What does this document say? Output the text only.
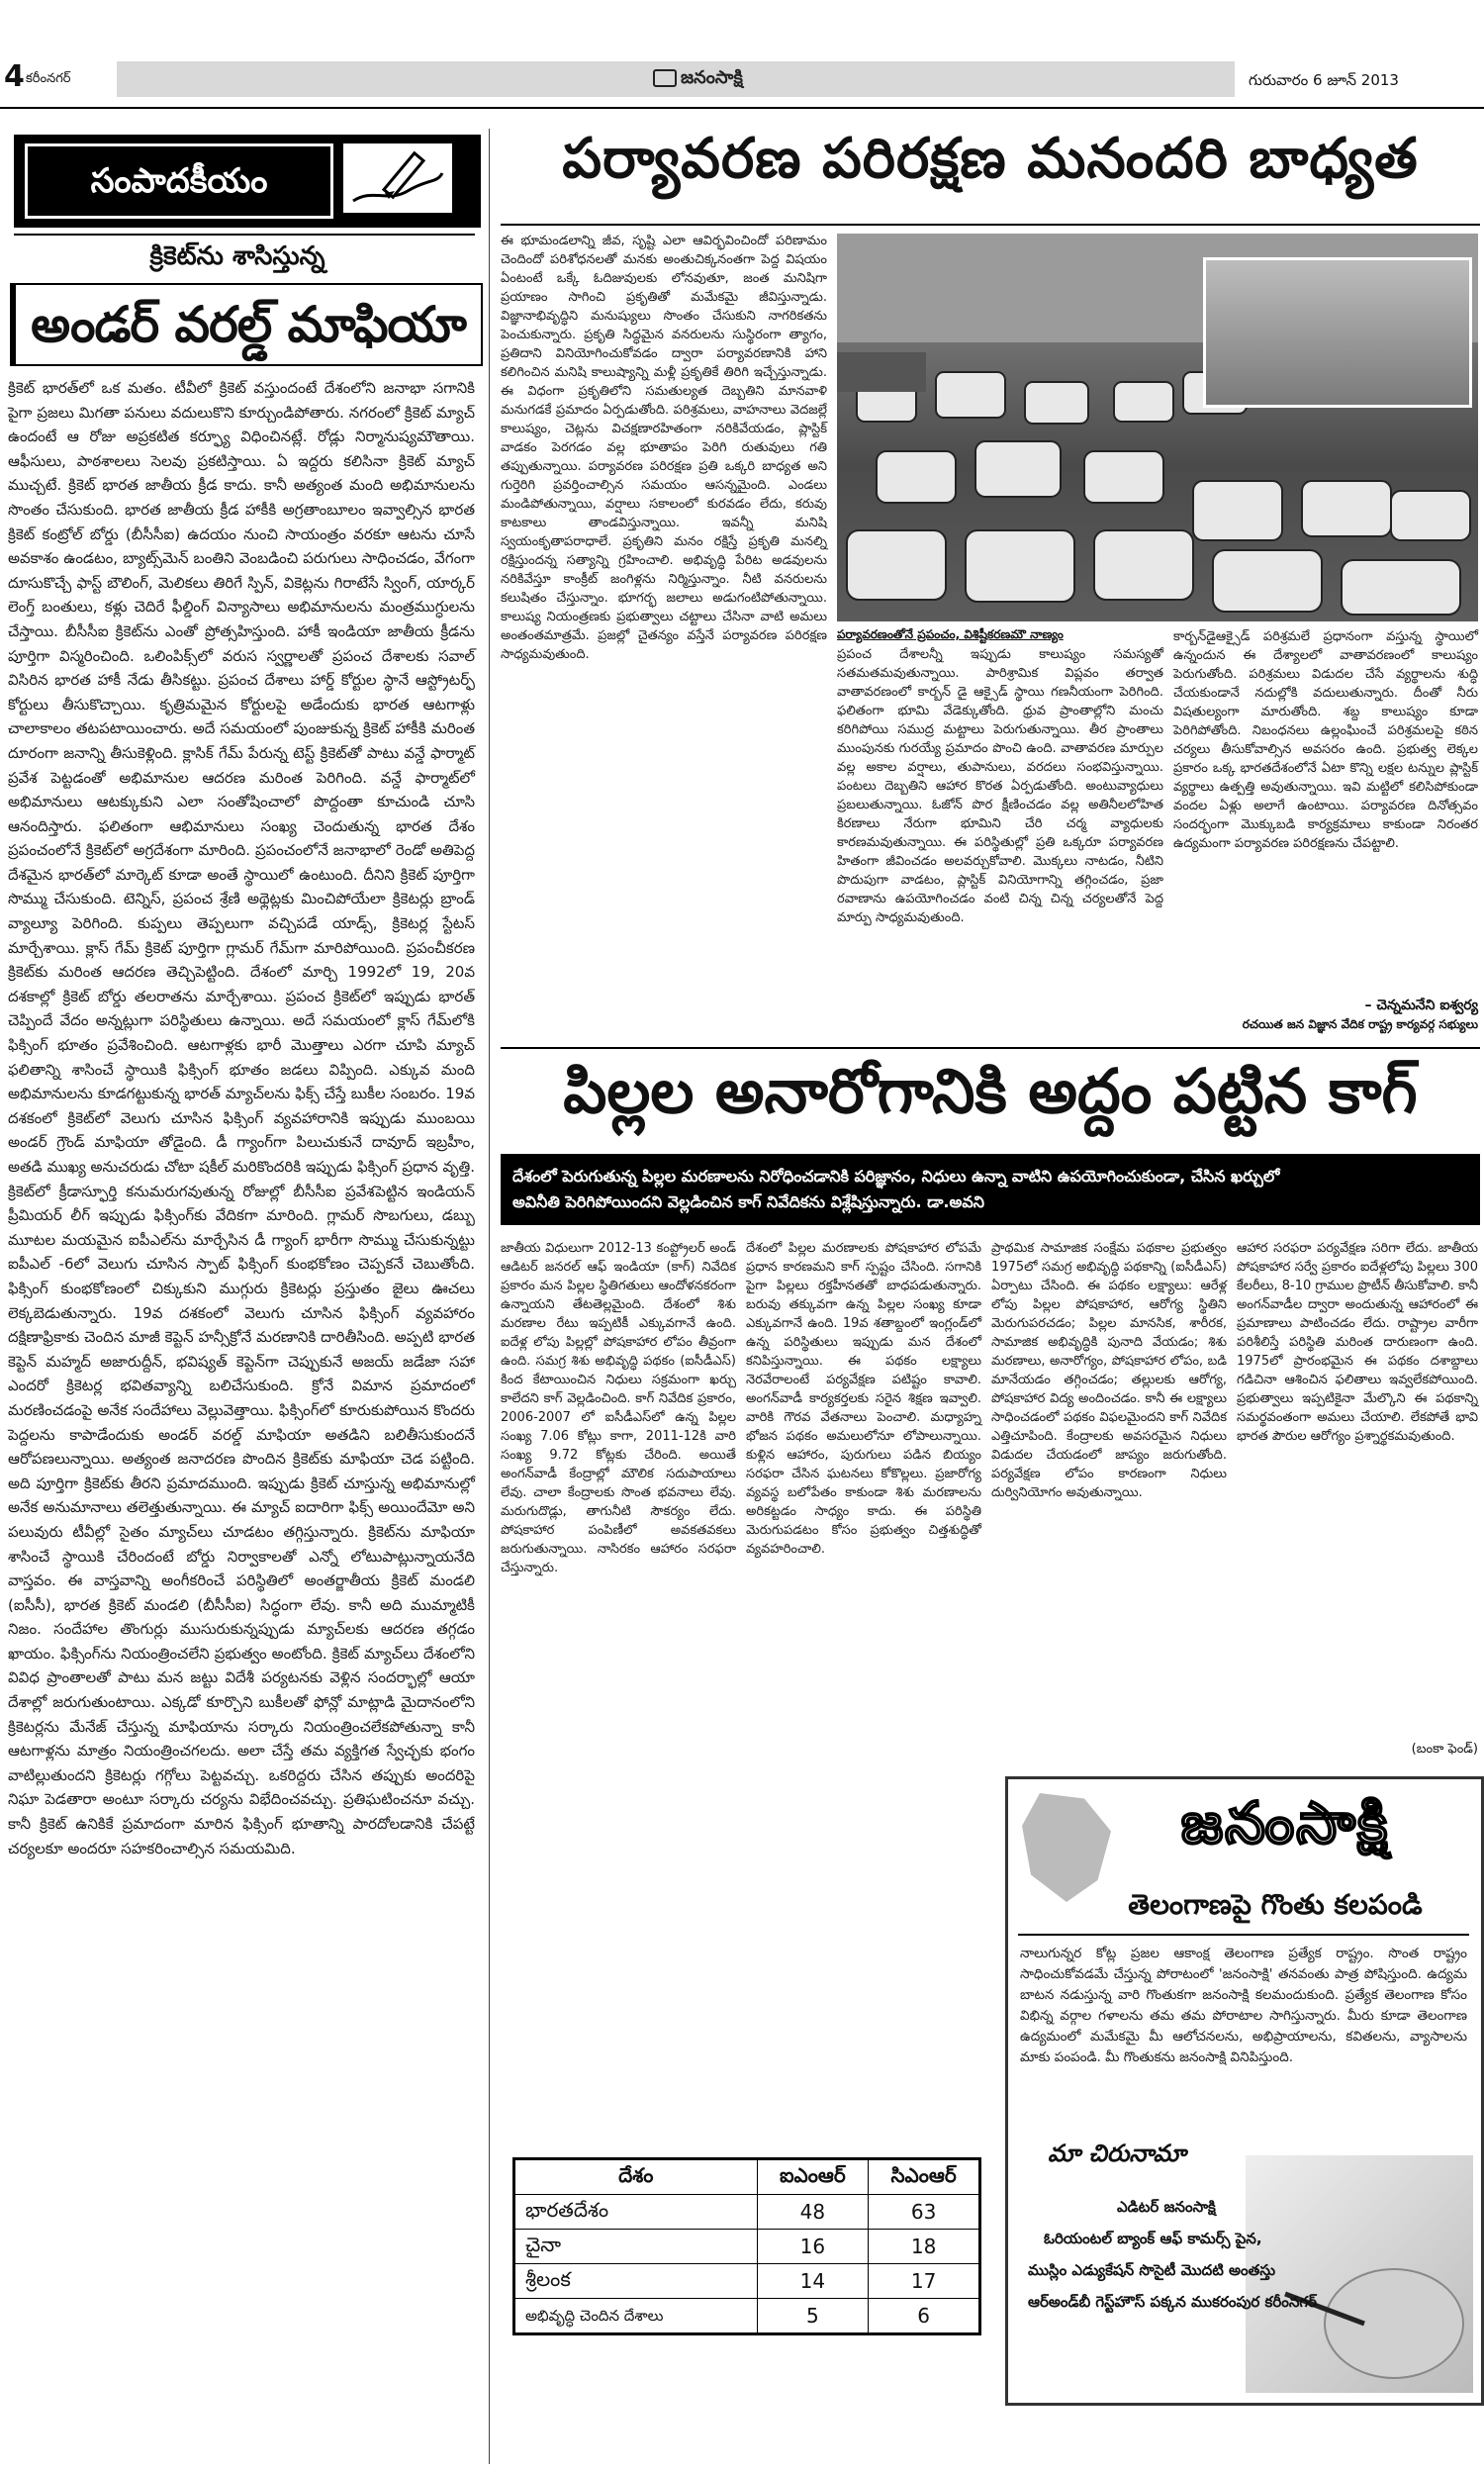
4 కరీంనగర్	జనంసాక్షి	గురువారం 6 జూన్ 2013
సంపాదకీయం
క్రికెట్‌ను శాసిస్తున్న
అండర్ వరల్డ్ మాఫియా
క్రికెట్ భారత్‌లో ఒక మతం. టీవీలో క్రికెట్ వస్తుందంటే దేశంలోని జనాభా సగానికి పైగా ప్రజలు మిగతా పనులు వదులుకొని కూర్చుండిపోతారు. నగరంలో క్రికెట్ మ్యాచ్ ఉందంటే ఆ రోజు అప్రకటిత కర్ఫ్యూ విధించినట్లే. రోడ్లు నిర్మానుష్యమౌతాయి. ఆఫీసులు, పాఠశాలలు సెలవు ప్రకటిస్తాయి. ఏ ఇద్దరు కలిసినా క్రికెట్ మ్యాచ్ ముచ్చటే. క్రికెట్ భారత జాతీయ క్రీడ కాదు. కానీ అత్యంత మంది అభిమానులను సొంతం చేసుకుంది. భారత జాతీయ క్రీడ హాకీకి అగ్రతాంబూలం ఇవ్వాల్సిన భారత క్రికెట్ కంట్రోల్ బోర్డు (బీసీసీఐ) ఉదయం నుంచి సాయంత్రం వరకూ ఆటను చూసే అవకాశం ఉండటం, బ్యాట్స్‌మెన్ బంతిని వెంబడించి పరుగులు సాధించడం, వేగంగా దూసుకొచ్చే ఫాస్ట్ బౌలింగ్, మెలికలు తిరిగే స్పిన్, వికెట్లను గిరాటేసే స్వింగ్, యార్కర్ లెంగ్త్ బంతులు, కళ్లు చెదిరే ఫీల్డింగ్ విన్యాసాలు అభిమానులను మంత్రముగ్ధులను చేస్తాయి. బీసీసీఐ క్రికెట్‌ను ఎంతో ప్రోత్సహిస్తుంది. హాకీ ఇండియా జాతీయ క్రీడను పూర్తిగా విస్మరించింది. ఒలింపిక్స్‌లో వరుస స్వర్ణాలతో ప్రపంచ దేశాలకు సవాల్ విసిరిన భారత హాకీ నేడు తీసికట్టు. ప్రపంచ దేశాలు హార్డ్ కోర్టుల స్థానే ఆస్ట్రోటర్ఫ్ కోర్టులు తీసుకొచ్చాయి. కృత్రిమమైన కోర్టులపై అడేందుకు భారత ఆటగాళ్లు చాలాకాలం తటపటాయించారు. అదే సమయంలో పుంజుకున్న క్రికెట్ హాకీకి మరింత దూరంగా జనాన్ని తీసుకెళ్లింది. క్లాసిక్ గేమ్ పేరున్న టెస్ట్ క్రికెట్‌తో పాటు వన్డే ఫార్మాట్ ప్రవేశ పెట్టడంతో అభిమానుల ఆదరణ మరింత పెరిగింది. వన్డే ఫార్మాట్‌లో అభిమానులు ఆటక్కుకుని ఎలా సంతోషించాలో పొద్దంతా కూచుండి చూసి ఆనందిస్తారు. ఫలితంగా ఆభిమానులు సంఖ్య చెందుతున్న భారత దేశం ప్రపంచంలోనే క్రికెట్‌లో అగ్రదేశంగా మారింది. ప్రపంచంలోనే జనాభాలో రెండో అతిపెద్ద దేశమైన భారత్‌లో మార్కెట్ కూడా అంతే స్థాయిలో ఉంటుంది. దీనిని క్రికెట్ పూర్తిగా సొమ్ము చేసుకుంది. టెన్నిస్, ప్రపంచ శ్రేణి అథ్లెట్లకు మించిపోయేలా క్రికెటర్లు బ్రాండ్ వ్యాల్యూ పెరిగింది. కుప్పలు తెప్పలుగా వచ్చిపడే యాడ్స్, క్రికెటర్ల స్టేటస్ మార్చేశాయి. క్లాస్ గేమ్ క్రికెట్ పూర్తిగా గ్లామర్ గేమ్‌గా మారిపోయింది. ప్రపంచీకరణ క్రికెట్‌కు మరింత ఆదరణ తెచ్చిపెట్టింది. దేశంలో మార్చి 1992లో 19, 20వ దశకాల్లో క్రికెట్ బోర్డు తలరాతను మార్చేశాయి. ప్రపంచ క్రికెట్‌లో ఇప్పుడు భారత్ చెప్పిందే వేదం అన్నట్లుగా పరిస్థితులు ఉన్నాయి. అదే సమయంలో క్లాస్ గేమ్‌లోకి ఫిక్సింగ్ భూతం ప్రవేశించింది. ఆటగాళ్లకు భారీ మొత్తాలు ఎరగా చూపి మ్యాచ్‌ ఫలితాన్ని శాసించే స్థాయికి ఫిక్సింగ్ భూతం జడలు విప్పింది. ఎక్కువ మంది అభిమానులను కూడగట్టుకున్న భారత్ మ్యాచ్‌లను ఫిక్స్ చేస్తే బుకీల సంబరం. 19వ దశకంలో క్రికెట్‌లో వెలుగు చూసిన ఫిక్సింగ్ వ్యవహారానికి ఇప్పుడు ముంబయి అండర్ గ్రౌండ్ మాఫియా తోడైంది. డీ గ్యాంగ్‌గా పిలుచుకునే దావూద్ ఇబ్రహీం, అతడి ముఖ్య అనుచరుడు చోటా షకీల్ మరికొందరికి ఇప్పుడు ఫిక్సింగ్ ప్రధాన వృత్తి. క్రికెట్‌లో క్రీడాస్ఫూర్తి కనుమరుగవుతున్న రోజుల్లో బీసీసీఐ ప్రవేశపెట్టిన ఇండియన్ ప్రీమియర్ లీగ్ ఇప్పుడు ఫిక్సింగ్‌కు వేదికగా మారింది. గ్లామర్ సొబగులు, డబ్బు మూటల మయమైన ఐపీఎల్‌ను మార్చేసిన డీ గ్యాంగ్ భారీగా సొమ్ము చేసుకున్నట్టు ఐపీఎల్ -6లో వెలుగు చూసిన స్పాట్ ఫిక్సింగ్ కుంభకోణం చెప్పకనే చెబుతోంది. ఫిక్సింగ్ కుంభకోణంలో చిక్కుకుని ముగ్గురు క్రికెటర్లు ప్రస్తుతం జైలు ఊచలు లెక్కబెడుతున్నారు. 19వ దశకంలో వెలుగు చూసిన ఫిక్సింగ్ వ్యవహారం దక్షిణాఫ్రికాకు చెందిన మాజీ కెప్టెన్ హన్సీక్రోనే మరణానికి దారితీసింది. అప్పటి భారత కెప్టెన్ మహ్మద్ అజారుద్దీన్, భవిష్యత్ కెప్టెన్‌గా చెప్పుకునే అజయ్ జడేజా సహా ఎందరో క్రికెటర్ల భవితవ్యాన్ని బలిచేసుకుంది. క్రోనే విమాన ప్రమాదంలో మరణించడంపై అనేక సందేహాలు వెల్లువెత్తాయి. ఫిక్సింగ్‌లో కూరుకుపోయిన కొందరు పెద్దలను కాపాడేందుకు అండర్ వరల్డ్ మాఫియా అతడిని బలితీసుకుందనే ఆరోపణలున్నాయి. అత్యంత జనాదరణ పొందిన క్రికెట్‌కు మాఫియా చెడ పట్టింది. అది పూర్తిగా క్రికెట్‌కు తీరని ప్రమాదముంది. ఇప్పుడు క్రికెట్ చూస్తున్న అభిమానుల్లో అనేక అనుమానాలు తలెత్తుతున్నాయి. ఈ మ్యాచ్ ఐదారిగా ఫిక్స్ అయిందేమో అని పలువురు టీవీల్లో సైతం మ్యాచ్‌లు చూడటం తగ్గిస్తున్నారు. క్రికెట్‌ను మాఫియా శాసించే స్థాయికి చేరిందంటే బోర్డు నిర్వాకాలతో ఎన్నో లోటుపాట్లున్నాయనేది వాస్తవం. ఈ వాస్తవాన్ని అంగీకరించే పరిస్థితిలో అంతర్జాతీయ క్రికెట్ మండలి (ఐసీసీ), భారత క్రికెట్ మండలి (బీసీసీఐ) సిద్ధంగా లేవు. కానీ అది ముమ్మాటికీ నిజం. సందేహాల తొంగుర్లు ముసురుకున్నప్పుడు మ్యాచ్‌లకు ఆదరణ తగ్గడం ఖాయం. ఫిక్సింగ్‌ను నియంత్రించలేని ప్రభుత్వం అంటోంది. క్రికెట్ మ్యాచ్‌లు దేశంలోని వివిధ ప్రాంతాలతో పాటు మన జట్టు విదేశీ పర్యటనకు వెళ్లిన సందర్భాల్లో ఆయా దేశాల్లో జరుగుతుంటాయి. ఎక్కడో కూర్చొని బుకీలతో ఫోన్లో మాట్లాడి మైదానంలోని క్రికెటర్లను మేనేజ్ చేస్తున్న మాఫియాను సర్కారు నియంత్రించలేకపోతున్నా కానీ ఆటగాళ్లను మాత్రం నియంత్రించగలదు. అలా చేస్తే తమ వ్యక్తిగత స్వేచ్ఛకు భంగం వాటిల్లుతుందని క్రికెటర్లు గగ్గోలు పెట్టవచ్చు. ఒకరిద్దరు చేసిన తప్పుకు అందరిపై నిఘా పెడతారా అంటూ సర్కారు చర్యను విభేదించవచ్చు. ప్రతిఘటించనూ వచ్చు. కానీ క్రికెట్ ఉనికికే ప్రమాదంగా మారిన ఫిక్సింగ్ భూతాన్ని పారదోలడానికి చేపట్టే చర్యలకూ అందరూ సహకరించాల్సిన సమయమిది.
పర్యావరణ పరిరక్షణ మనందరి బాధ్యత
ఈ భూమండలాన్ని జీవ, సృష్టి ఎలా ఆవిర్భవించిందో పరిణామం చెందిందో పరిశోధనలతో మనకు అంతుచిక్కనంతగా పెద్ద విషయం ఏంటంటే ఒక్కే ఓదిజువులకు లోనవుతూ, జంత మనిషిగా ప్రయాణం సాగించి ప్రకృతితో మమేకమై జీవిస్తున్నాడు. విజ్ఞానాభివృద్ధిని మనుష్యులు సొంతం చేసుకుని నాగరికతను పెంచుకున్నారు. ప్రకృతి సిద్ధమైన వనరులను సుస్థిరంగా త్యాగం, ప్రతిదాని వినియోగించుకోవడం ద్వారా పర్యావరణానికి హాని కలిగించిన మనిషి కాలుష్యాన్ని మళ్లీ ప్రకృతికే తిరిగి ఇచ్చేస్తున్నాడు. ఈ విధంగా ప్రకృతిలోని సమతుల్యత దెబ్బతిని మానవాళి మనుగడకే ప్రమాదం ఏర్పడుతోంది. పరిశ్రమలు, వాహనాలు వెదజల్లే కాలుష్యం, చెట్లను విచక్షణారహితంగా నరికివేయడం, ప్లాస్టిక్ వాడకం పెరగడం వల్ల భూతాపం పెరిగి రుతువులు గతి తప్పుతున్నాయి. పర్యావరణ పరిరక్షణ ప్రతి ఒక్కరి బాధ్యత అని గుర్తెరిగి ప్రవర్తించాల్సిన సమయం ఆసన్నమైంది. ఎండలు మండిపోతున్నాయి, వర్షాలు సకాలంలో కురవడం లేదు, కరువు కాటకాలు తాండవిస్తున్నాయి. ఇవన్నీ మనిషి స్వయంకృతాపరాధాలే. ప్రకృతిని మనం రక్షిస్తే ప్రకృతి మనల్ని రక్షిస్తుందన్న సత్యాన్ని గ్రహించాలి. అభివృద్ధి పేరిట అడవులను నరికివేస్తూ కాంక్రీట్ జంగిళ్లను నిర్మిస్తున్నాం. నీటి వనరులను కలుషితం చేస్తున్నాం. భూగర్భ జలాలు అడుగంటిపోతున్నాయి. కాలుష్య నియంత్రణకు ప్రభుత్వాలు చట్టాలు చేసినా వాటి అమలు అంతంతమాత్రమే. ప్రజల్లో చైతన్యం వస్తేనే పర్యావరణ పరిరక్షణ సాధ్యమవుతుంది.
పర్యావరణంతోనే ప్రపంచం, విశిష్టీకరణమౌ నాణ్యం
ప్రపంచ దేశాలన్నీ ఇప్పుడు కాలుష్యం సమస్యతో సతమతమవుతున్నాయి. పారిశ్రామిక విప్లవం తర్వాత వాతావరణంలో కార్బన్ డై ఆక్సైడ్ స్థాయి గణనీయంగా పెరిగింది. ఫలితంగా భూమి వేడెక్కుతోంది. ధ్రువ ప్రాంతాల్లోని మంచు కరిగిపోయి సముద్ర మట్టాలు పెరుగుతున్నాయి. తీర ప్రాంతాలు ముంపునకు గురయ్యే ప్రమాదం పొంచి ఉంది. వాతావరణ మార్పుల వల్ల అకాల వర్షాలు, తుపానులు, వరదలు సంభవిస్తున్నాయి. పంటలు దెబ్బతిని ఆహార కొరత ఏర్పడుతోంది. అంటువ్యాధులు ప్రబలుతున్నాయి. ఓజోన్ పొర క్షీణించడం వల్ల అతినీలలోహిత కిరణాలు నేరుగా భూమిని చేరి చర్మ వ్యాధులకు కారణమవుతున్నాయి. ఈ పరిస్థితుల్లో ప్రతి ఒక్కరూ పర్యావరణ హితంగా జీవించడం అలవర్చుకోవాలి. మొక్కలు నాటడం, నీటిని పొదుపుగా వాడటం, ప్లాస్టిక్ వినియోగాన్ని తగ్గించడం, ప్రజా రవాణాను ఉపయోగించడం వంటి చిన్న చిన్న చర్యలతోనే పెద్ద మార్పు సాధ్యమవుతుంది.
కార్బన్‌డైఆక్సైడ్ పరిశ్రమలే ప్రధానంగా వస్తున్న స్థాయిలో ఉన్నందున ఈ దేశ్యాలలో వాతావరణంలో కాలుష్యం పెరుగుతోంది. పరిశ్రమలు విడుదల చేసే వ్యర్థాలను శుద్ధి చేయకుండానే నదుల్లోకి వదులుతున్నారు. దీంతో నీరు విషతుల్యంగా మారుతోంది. శబ్ద కాలుష్యం కూడా పెరిగిపోతోంది. నిబంధనలు ఉల్లంఘించే పరిశ్రమలపై కఠిన చర్యలు తీసుకోవాల్సిన అవసరం ఉంది. ప్రభుత్వ లెక్కల ప్రకారం ఒక్క భారతదేశంలోనే ఏటా కొన్ని లక్షల టన్నుల ప్లాస్టిక్ వ్యర్థాలు ఉత్పత్తి అవుతున్నాయి. ఇవి మట్టిలో కలిసిపోకుండా వందల ఏళ్లు అలాగే ఉంటాయి. పర్యావరణ దినోత్సవం సందర్భంగా మొక్కుబడి కార్యక్రమాలు కాకుండా నిరంతర ఉద్యమంగా పర్యావరణ పరిరక్షణను చేపట్టాలి.
– చెన్నమనేని ఐశ్వర్య
రచయిత జన విజ్ఞాన వేదిక రాష్ట్ర కార్యవర్గ సభ్యులు
పిల్లల అనారోగానికి అద్దం పట్టిన కాగ్
దేశంలో పెరుగుతున్న పిల్లల మరణాలను నిరోధించడానికి పరిజ్ఞానం, నిధులు ఉన్నా వాటిని ఉపయోగించుకుండా, చేసిన ఖర్చులో
అవినీతి పెరిగిపోయిందని వెల్లడించిన కాగ్ నివేదికను విశ్లేషిస్తున్నారు. డా.అవని
జాతీయ విధులుగా 2012-13 కంప్ట్రోలర్ అండ్ ఆడిటర్ జనరల్ ఆఫ్ ఇండియా (కాగ్) నివేదిక ప్రకారం మన పిల్లల స్థితిగతులు ఆందోళనకరంగా ఉన్నాయని తేటతెల్లమైంది. దేశంలో శిశు మరణాల రేటు ఇప్పటికీ ఎక్కువగానే ఉంది. ఐదేళ్ల లోపు పిల్లల్లో పోషకాహార లోపం తీవ్రంగా ఉంది. సమగ్ర శిశు అభివృద్ధి పథకం (ఐసీడీఎస్) కింద కేటాయించిన నిధులు సక్రమంగా ఖర్చు కాలేదని కాగ్ వెల్లడించింది. కాగ్ నివేదిక ప్రకారం, 2006-2007 లో ఐసీడీఎస్‌లో ఉన్న పిల్లల సంఖ్య 7.06 కోట్లు కాగా, 2011-12కి వారి సంఖ్య 9.72 కోట్లకు చేరింది. అయితే అంగన్‌వాడీ కేంద్రాల్లో మౌలిక సదుపాయాలు లేవు. చాలా కేంద్రాలకు సొంత భవనాలు లేవు. మరుగుదొడ్లు, తాగునీటి సౌకర్యం లేదు. పోషకాహార పంపిణీలో అవకతవకలు జరుగుతున్నాయి. నాసిరకం ఆహారం సరఫరా చేస్తున్నారు.
దేశంలో పిల్లల మరణాలకు పోషకాహార లోపమే ప్రధాన కారణమని కాగ్ స్పష్టం చేసింది. సగానికి పైగా పిల్లలు రక్తహీనతతో బాధపడుతున్నారు. బరువు తక్కువగా ఉన్న పిల్లల సంఖ్య కూడా ఎక్కువగానే ఉంది. 19వ శతాబ్దంలో ఇంగ్లండ్‌లో ఉన్న పరిస్థితులు ఇప్పుడు మన దేశంలో కనిపిస్తున్నాయి. ఈ పథకం లక్ష్యాలు నెరవేరాలంటే పర్యవేక్షణ పటిష్టం కావాలి. అంగన్‌వాడీ కార్యకర్తలకు సరైన శిక్షణ ఇవ్వాలి. వారికి గౌరవ వేతనాలు పెంచాలి. మధ్యాహ్న భోజన పథకం అమలులోనూ లోపాలున్నాయి. కుళ్లిన ఆహారం, పురుగులు పడిన బియ్యం సరఫరా చేసిన ఘటనలు కోకొల్లలు. ప్రజారోగ్య వ్యవస్థ బలోపేతం కాకుండా శిశు మరణాలను అరికట్టడం సాధ్యం కాదు. ఈ పరిస్థితి మెరుగుపడటం కోసం ప్రభుత్వం చిత్తశుద్ధితో వ్యవహరించాలి.
ప్రాథమిక సామాజిక సంక్షేమ పథకాల ప్రభుత్వం 1975లో సమగ్ర అభివృద్ధి పథకాన్ని (ఐసీడీఎస్) ఏర్పాటు చేసింది. ఈ పథకం లక్ష్యాలు: ఆరేళ్ల లోపు పిల్లల పోషకాహార, ఆరోగ్య స్థితిని మెరుగుపరచడం; పిల్లల మానసిక, శారీరక, సామాజిక అభివృద్ధికి పునాది వేయడం; శిశు మరణాలు, అనారోగ్యం, పోషకాహార లోపం, బడి మానేయడం తగ్గించడం; తల్లులకు ఆరోగ్య, పోషకాహార విద్య అందించడం. కానీ ఈ లక్ష్యాలు సాధించడంలో పథకం విఫలమైందని కాగ్ నివేదిక ఎత్తిచూపింది. కేంద్రాలకు అవసరమైన నిధులు విడుదల చేయడంలో జాప్యం జరుగుతోంది. పర్యవేక్షణ లోపం కారణంగా నిధులు దుర్వినియోగం అవుతున్నాయి.
ఆహార సరఫరా పర్యవేక్షణ సరిగా లేదు. జాతీయ పోషకాహార సర్వే ప్రకారం ఐదేళ్లలోపు పిల్లలు 300 కేలరీలు, 8-10 గ్రాముల ప్రొటీన్ తీసుకోవాలి. కానీ అంగన్‌వాడీల ద్వారా అందుతున్న ఆహారంలో ఈ ప్రమాణాలు పాటించడం లేదు. రాష్ట్రాల వారీగా పరిశీలిస్తే పరిస్థితి మరింత దారుణంగా ఉంది. 1975లో ప్రారంభమైన ఈ పథకం దశాబ్దాలు గడిచినా ఆశించిన ఫలితాలు ఇవ్వలేకపోయింది. ప్రభుత్వాలు ఇప్పటికైనా మేల్కొని ఈ పథకాన్ని సమర్థవంతంగా అమలు చేయాలి. లేకపోతే భావి భారత పౌరుల ఆరోగ్యం ప్రశ్నార్థకమవుతుంది.
(బంకా ఫెండ్)
దేశం	ఐఎంఆర్	సిఎంఆర్
భారతదేశం	48	63
చైనా	16	18
శ్రీలంక	14	17
అభివృద్ధి చెందిన దేశాలు	5	6
జనంసాక్షి
తెలంగాణపై గొంతు కలపండి
నాలుగున్నర కోట్ల ప్రజల ఆకాంక్ష తెలంగాణ ప్రత్యేక రాష్ట్రం. సొంత రాష్ట్రం సాధించుకోవడమే చేస్తున్న పోరాటంలో 'జనంసాక్షి' తనవంతు పాత్ర పోషిస్తుంది. ఉద్యమ బాటన నడుస్తున్న వారి గొంతుకగా జనంసాక్షి కలమందుకుంది. ప్రత్యేక తెలంగాణ కోసం విభిన్న వర్గాల గళాలను తమ తమ పోరాటాల సాగిస్తున్నారు. మీరు కూడా తెలంగాణ ఉద్యమంలో మమేకమై మీ ఆలోచనలను, అభిప్రాయాలను, కవితలను, వ్యాసాలను మాకు పంపండి. మీ గొంతుకను జనంసాక్షి వినిపిస్తుంది.
మా చిరునామా
ఎడిటర్ జనంసాక్షి
ఓరియంటల్ బ్యాంక్ ఆఫ్ కామర్స్ పైన,
ముస్లిం ఎడ్యుకేషన్ సొసైటీ మొదటి అంతస్తు
ఆర్అండ్‌బీ గెస్ట్‌హౌస్ పక్కన ముకరంపుర కరీంనగర్
